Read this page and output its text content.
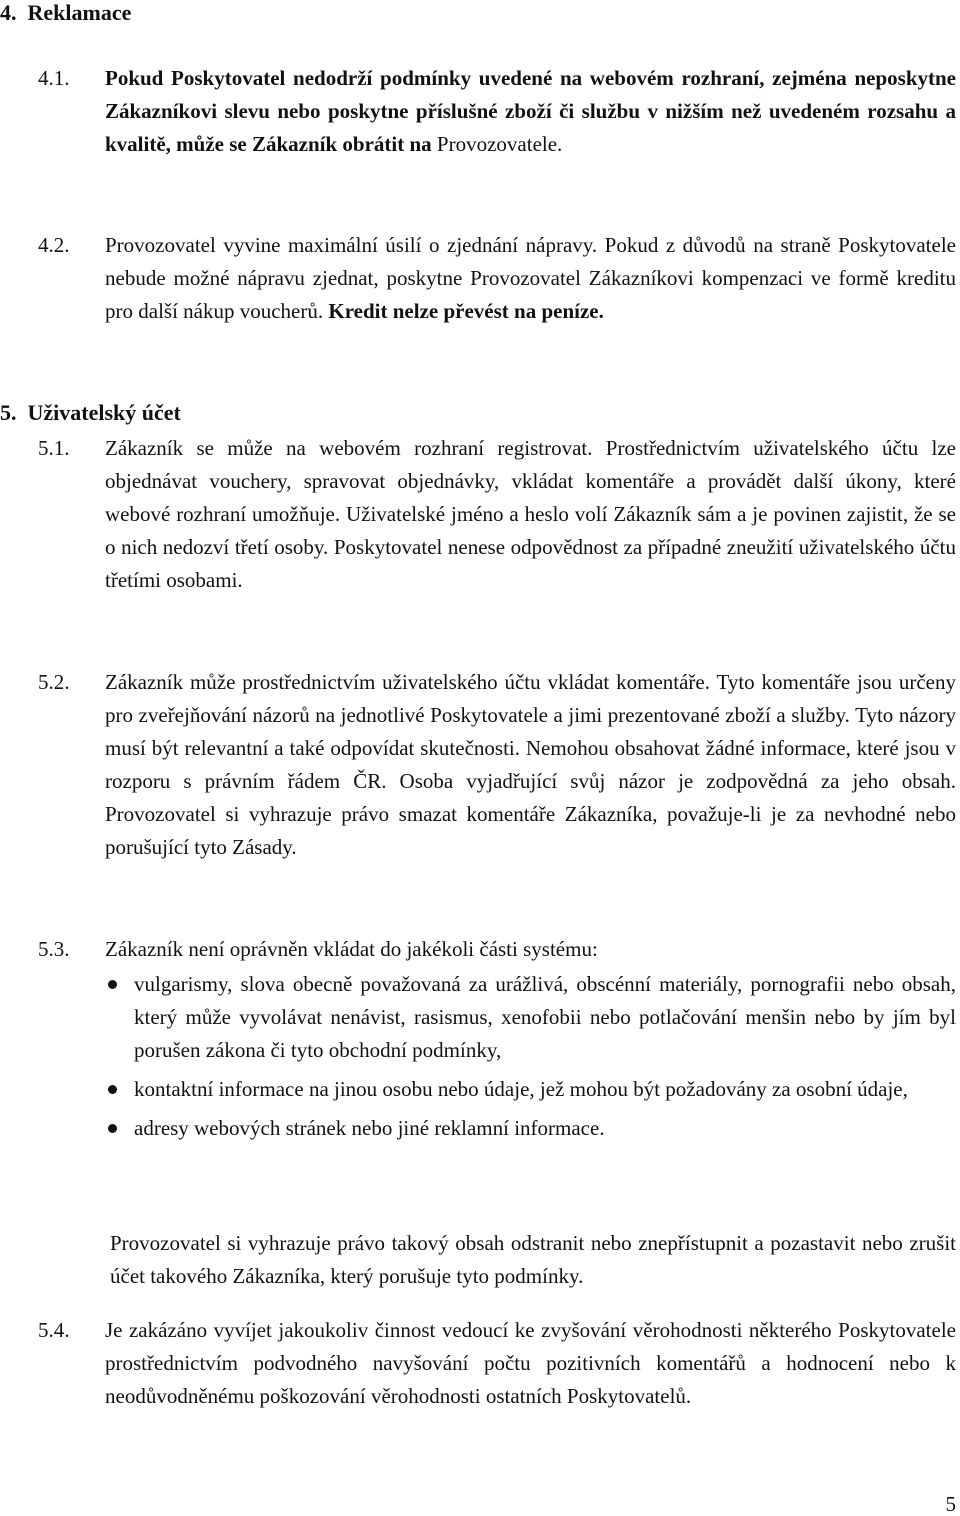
4. Reklamace
4.1. Pokud Poskytovatel nedodrží podmínky uvedené na webovém rozhraní, zejména neposkytne Zákazníkovi slevu nebo poskytne příslušné zboží či službu v nižším než uvedeném rozsahu a kvalitě, může se Zákazník obrátit na Provozovatele.

4.2. Provozovatel vyvine maximální úsilí o zjednání nápravy. Pokud z důvodů na straně Poskytovatele nebude možné nápravu zjednat, poskytne Provozovatel Zákazníkovi kompenzaci ve formě kreditu pro další nákup voucherů. Kredit nelze převést na peníze.

5. Uživatelský účet
5.1. Zákazník se může na webovém rozhraní registrovat. Prostřednictvím uživatelského účtu lze objednávat vouchery, spravovat objednávky, vkládat komentáře a provádět další úkony, které webové rozhraní umožňuje. Uživatelské jméno a heslo volí Zákazník sám a je povinen zajistit, že se o nich nedozví třetí osoby. Poskytovatel nenese odpovědnost za případné zneužití uživatelského účtu třetími osobami.

5.2. Zákazník může prostřednictvím uživatelského účtu vkládat komentáře. Tyto komentáře jsou určeny pro zveřejňování názorů na jednotlivé Poskytovatele a jimi prezentované zboží a služby. Tyto názory musí být relevantní a také odpovídat skutečnosti. Nemohou obsahovat žádné informace, které jsou v rozporu s právním řádem ČR. Osoba vyjadřující svůj názor je zodpovědná za jeho obsah. Provozovatel si vyhrazuje právo smazat komentáře Zákazníka, považuje-li je za nevhodné nebo porušující tyto Zásady.

5.3. Zákazník není oprávněn vkládat do jakékoli části systému:

vulgarismy, slova obecně považovaná za urážlivá, obscénní materiály, pornografii nebo obsah, který může vyvolávat nenávist, rasismus, xenofobii nebo potlačování menšin nebo by jím byl porušen zákona či tyto obchodní podmínky,
kontaktní informace na jinou osobu nebo údaje, jež mohou být požadovány za osobní údaje,
adresy webových stránek nebo jiné reklamní informace.

Provozovatel si vyhrazuje právo takový obsah odstranit nebo znepřístupnit a pozastavit nebo zrušit účet takového Zákazníka, který porušuje tyto podmínky.

5.4. Je zakázáno vyvíjet jakoukoliv činnost vedoucí ke zvyšování věrohodnosti některého Poskytovatele prostřednictvím podvodného navyšování počtu pozitivních komentářů a hodnocení nebo k neodůvodněnému poškozování věrohodnosti ostatních Poskytovatelů.

5
